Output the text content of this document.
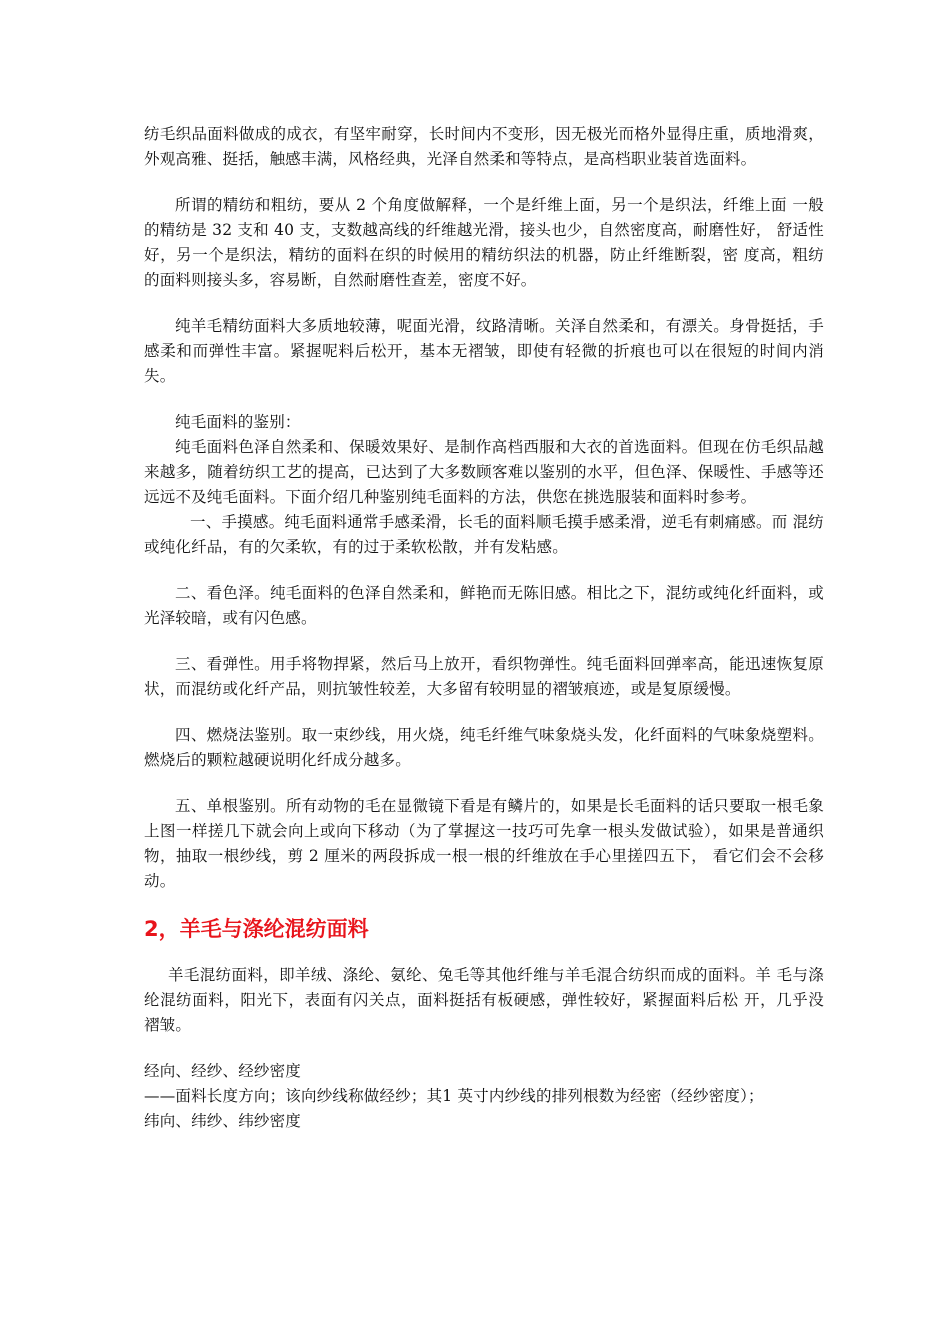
纺毛织品面料做成的成衣，有坚牢耐穿，长时间内不变形，因无极光而格外显得庄重，质地滑爽，外观高雅、挺括，触感丰满，风格经典，光泽自然柔和等特点，是高档职业装首选面料。

所谓的精纺和粗纺，要从 2 个角度做解释，一个是纤维上面，另一个是织法，纤维上面 一般的精纺是 32 支和 40 支，支数越高线的纤维越光滑，接头也少，自然密度高，耐磨性好， 舒适性好，另一个是织法，精纺的面料在织的时候用的精纺织法的机器，防止纤维断裂，密 度高，粗纺的面料则接头多，容易断，自然耐磨性查差，密度不好。

纯羊毛精纺面料大多质地较薄，呢面光滑，纹路清晰。关泽自然柔和，有漂关。身骨挺括，手感柔和而弹性丰富。紧握呢料后松开，基本无褶皱，即使有轻微的折痕也可以在很短的时间内消失。

纯毛面料的鉴别：

纯毛面料色泽自然柔和、保暖效果好、是制作高档西服和大衣的首选面料。但现在仿毛织品越来越多，随着纺织工艺的提高，已达到了大多数顾客难以鉴别的水平，但色泽、保暖性、手感等还远远不及纯毛面料。下面介绍几种鉴别纯毛面料的方法，供您在挑选服装和面料时参考。

一、手摸感。纯毛面料通常手感柔滑，长毛的面料顺毛摸手感柔滑，逆毛有刺痛感。而 混纺或纯化纤品，有的欠柔软，有的过于柔软松散，并有发粘感。

二、看色泽。纯毛面料的色泽自然柔和，鲜艳而无陈旧感。相比之下，混纺或纯化纤面料，或光泽较暗，或有闪色感。

三、看弹性。用手将物捍紧，然后马上放开，看织物弹性。纯毛面料回弹率高，能迅速恢复原状，而混纺或化纤产品，则抗皱性较差，大多留有较明显的褶皱痕迹，或是复原缓慢。

四、燃烧法鉴别。取一束纱线，用火烧，纯毛纤维气味象烧头发，化纤面料的气味象烧塑料。燃烧后的颗粒越硬说明化纤成分越多。

五、单根鉴别。所有动物的毛在显微镜下看是有鳞片的，如果是长毛面料的话只要取一根毛象上图一样搓几下就会向上或向下移动（为了掌握这一技巧可先拿一根头发做试验），如果是普通织物，抽取一根纱线，剪 2 厘米的两段拆成一根一根的纤维放在手心里搓四五下， 看它们会不会移动。

2，羊毛与涤纶混纺面料

羊毛混纺面料，即羊绒、涤纶、氨纶、兔毛等其他纤维与羊毛混合纺织而成的面料。羊 毛与涤纶混纺面料，阳光下，表面有闪关点，面料挺括有板硬感，弹性较好，紧握面料后松 开，几乎没褶皱。

经向、经纱、经纱密度

——面料长度方向；该向纱线称做经纱；其1 英寸内纱线的排列根数为经密（经纱密度）；

纬向、纬纱、纬纱密度
